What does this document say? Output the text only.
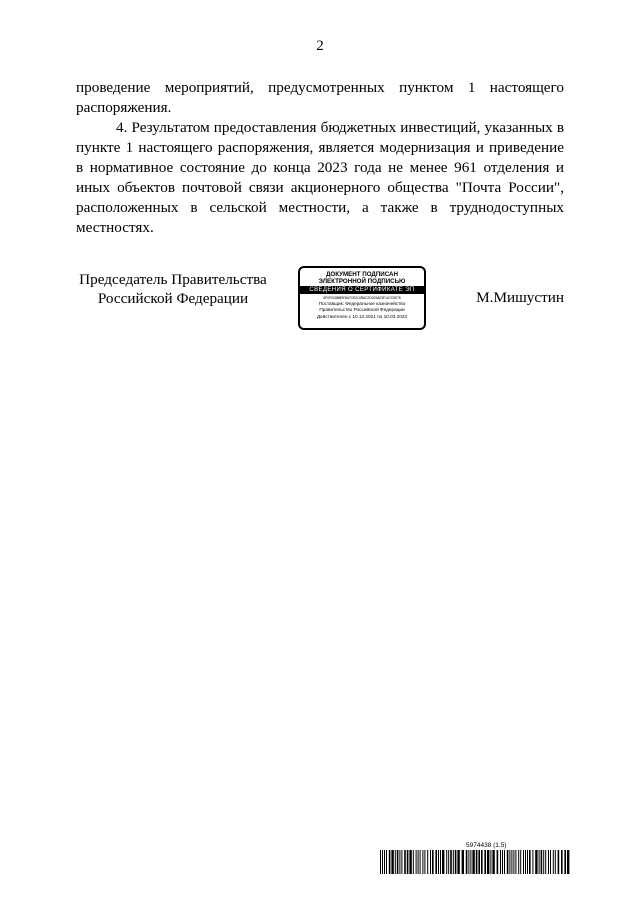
2

проведение мероприятий, предусмотренных пунктом 1 настоящего распоряжения.

4. Результатом предоставления бюджетных инвестиций, указанных в пункте 1 настоящего распоряжения, является модернизация и приведение в нормативное состояние до конца 2023 года не менее 961 отделения и иных объектов почтовой связи акционерного общества "Почта России", расположенных в сельской местности, а также в труднодоступных местностях.

Председатель Правительства
Российской Федерации
ДОКУМЕНТ ПОДПИСАН
ЭЛЕКТРОННОЙ ПОДПИСЬЮ
СВЕДЕНИЯ О СЕРТИФИКАТЕ ЭП
5F0F0C8BB9F8A7CE0C0B6C2D1E9A03F1A7C5E78
Поставщик: Федеральное казначейство
Правительство Российской Федерации
Действителен с 10.12.2021 по 10.03.2023
М.Мишустин
5974438 (1.5)
